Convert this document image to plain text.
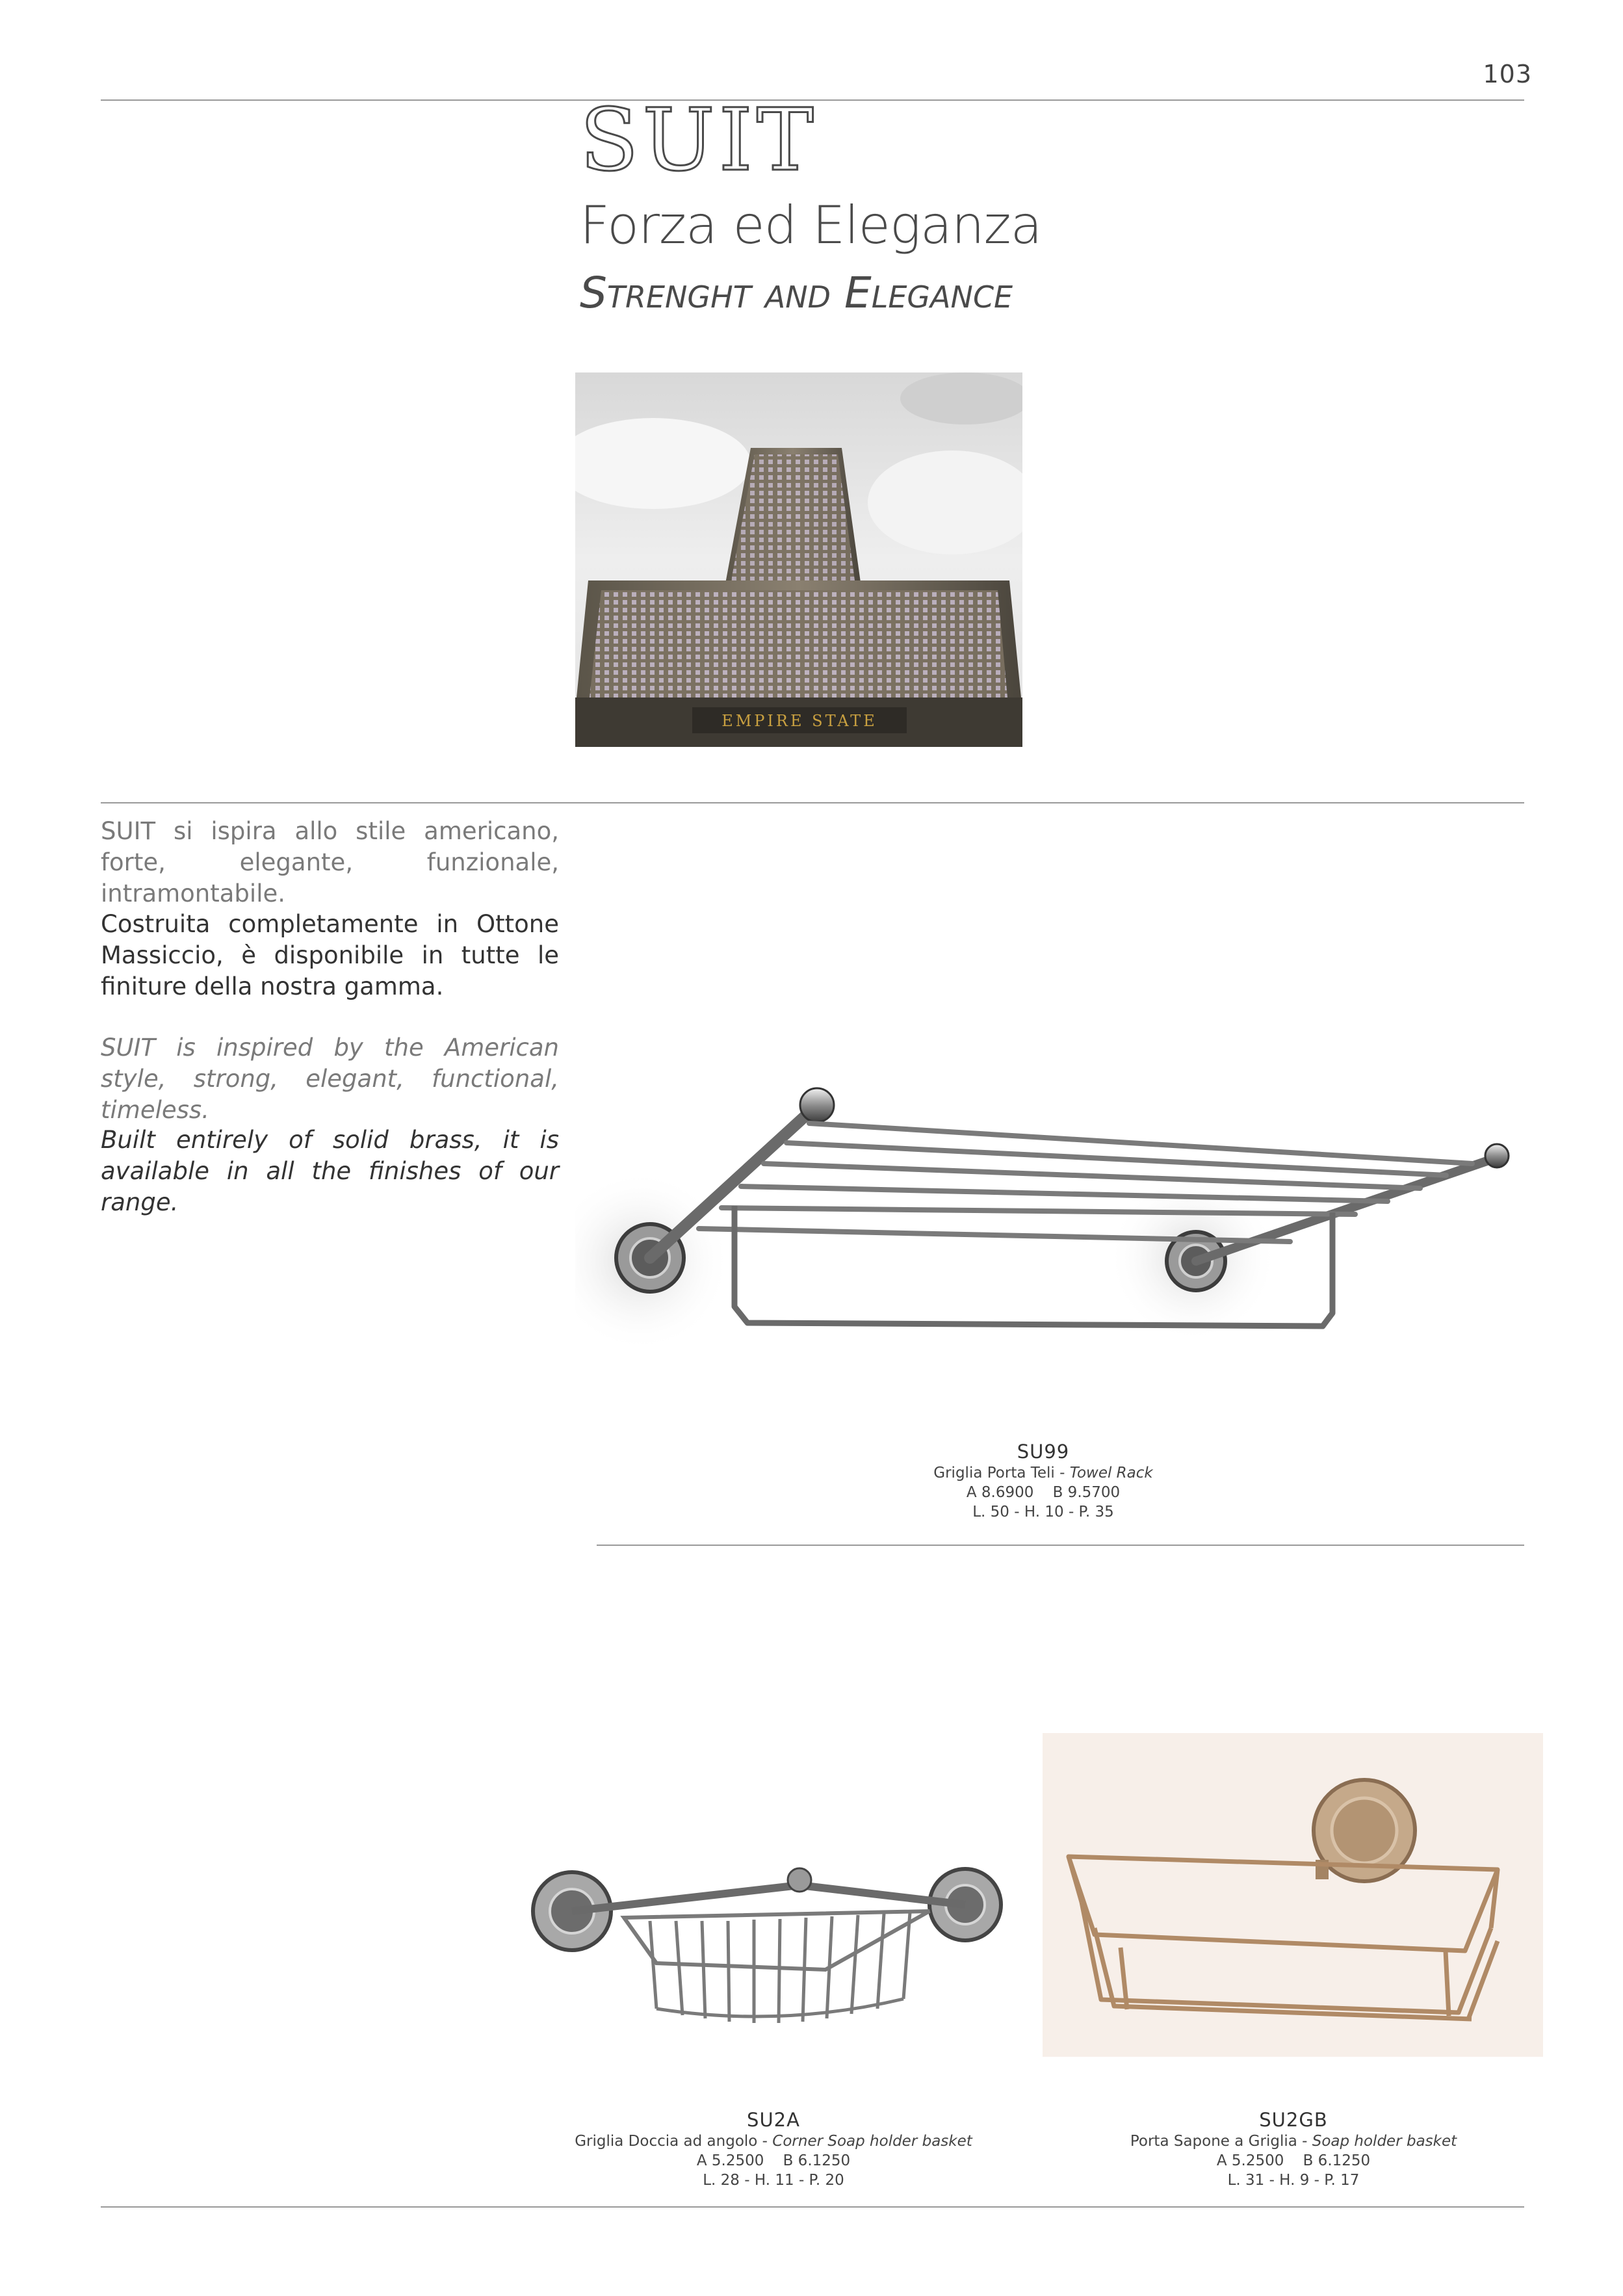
103
SUIT
Forza ed Eleganza
Strenght and Elegance
EMPIRE STATE
SUIT si ispira allo stile americano, forte, elegante, funzionale, intramontabile.
Costruita completamente in Ottone Massiccio, è disponibile in tutte le finiture della nostra gamma.
SUIT is inspired by the American style, strong, elegant, functional, timeless.
Built entirely of solid brass, it is available in all the finishes of our range.
SU99
Griglia Porta Teli - Towel Rack
A 8.6900    B 9.5700
L. 50 - H. 10 - P. 35
SU2A
Griglia Doccia ad angolo - Corner Soap holder basket
A 5.2500    B 6.1250
L. 28 - H. 11 - P. 20
SU2GB
Porta Sapone a Griglia - Soap holder basket
A 5.2500    B 6.1250
L. 31 - H. 9 - P. 17
